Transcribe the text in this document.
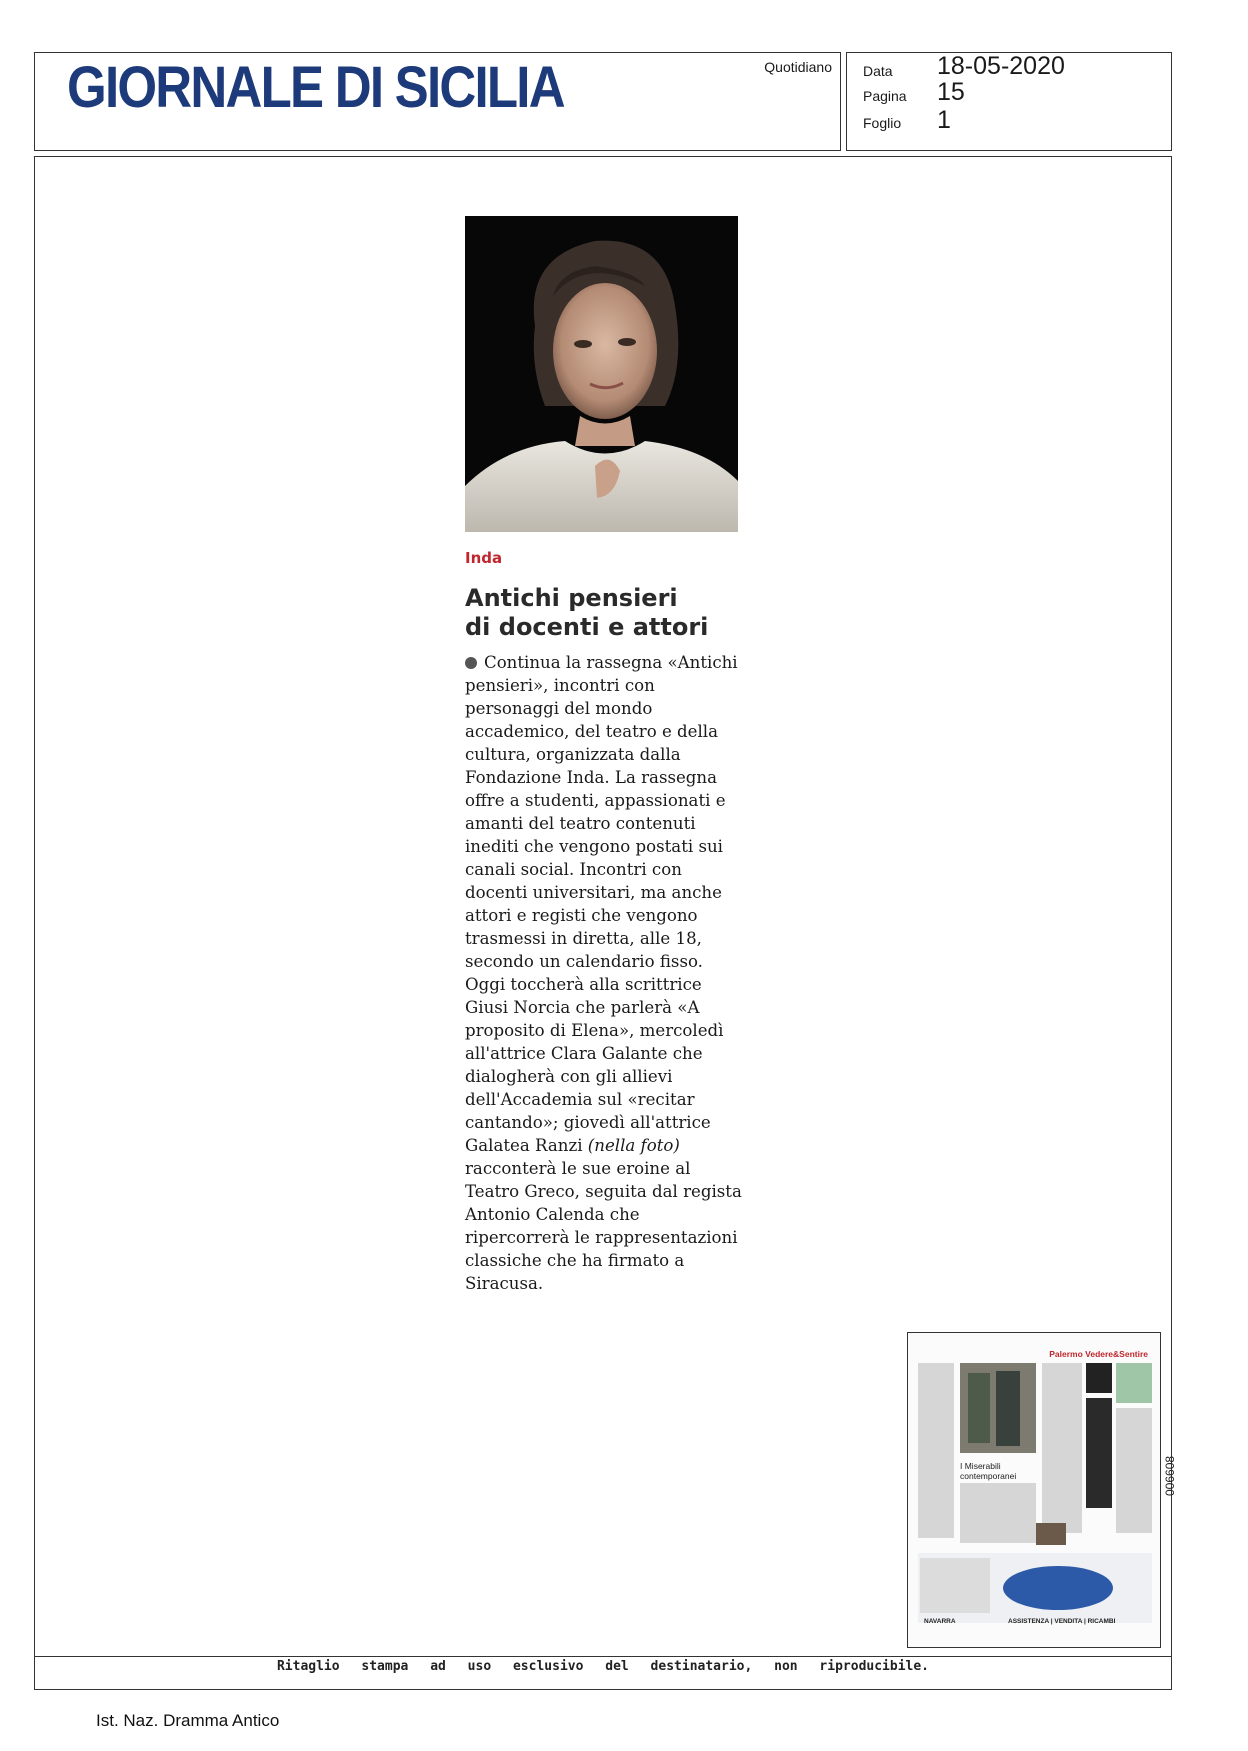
GIORNALE DI SICILIA	Quotidiano Data 18-05-2020
Pagina 15
Foglio 1
Inda
Antichi pensieri
di docenti e attori

Continua la rassegna «Antichi pensieri», incontri con personaggi del mondo accademico, del teatro e della cultura, organizzata dalla Fondazione Inda. La rassegna offre a studenti, appassionati e amanti del teatro contenuti inediti che vengono postati sui canali social. Incontri con docenti universitari, ma anche attori e registi che vengono trasmessi in diretta, alle 18, secondo un calendario fisso. Oggi toccherà alla scrittrice Giusi Norcia che parlerà «A proposito di Elena», mercoledì all'attrice Clara Galante che dialogherà con gli allievi dell'Accademia sul «recitar cantando»; giovedì all'attrice Galatea Ranzi (nella foto) racconterà le sue eroine al Teatro Greco, seguita dal regista Antonio Calenda che ripercorrerà le rappresentazioni classiche che ha firmato a Siracusa.

Palermo Vedere&Sentire
I Miserabili
contemporanei
NAVARRA	ASSISTENZA | VENDITA | RICAMBI
006608
Ritaglio stampa ad uso esclusivo del destinatario, non riproducibile.
Ist. Naz. Dramma Antico
